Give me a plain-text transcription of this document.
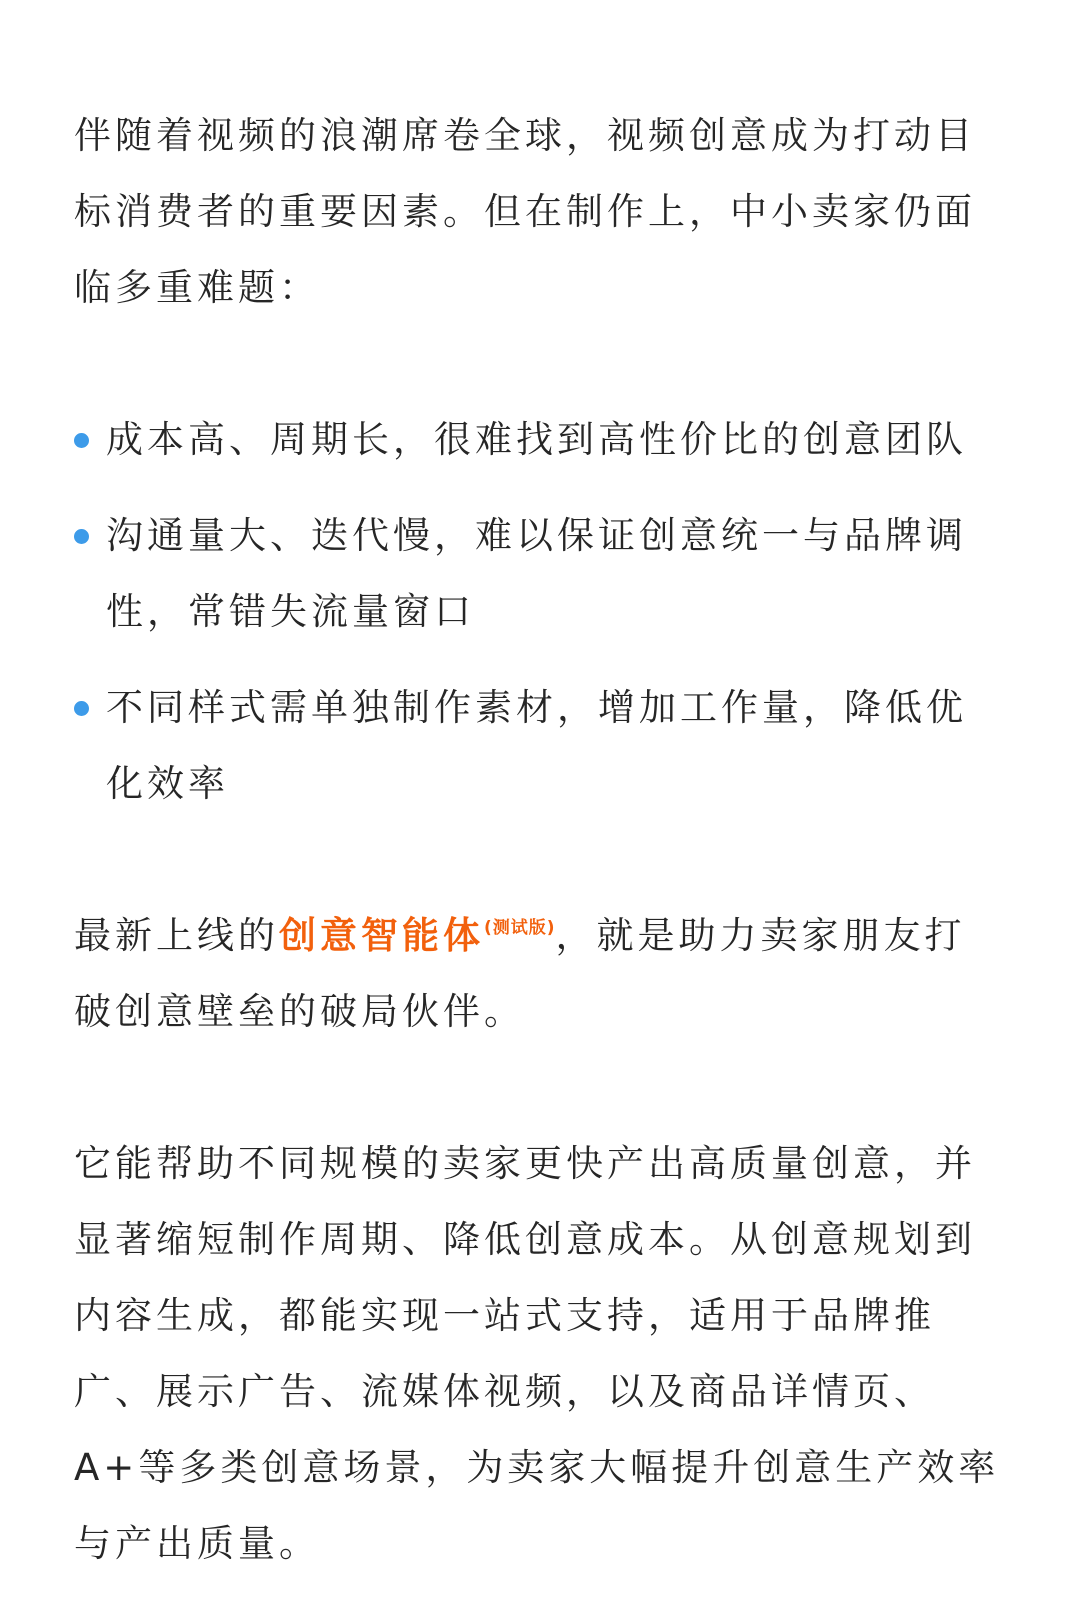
伴随着视频的浪潮席卷全球，视频创意成为打动目标消费者的重要因素。但在制作上，中小卖家仍面临多重难题：

成本高、周期长，很难找到高性价比的创意团队
沟通量大、迭代慢，难以保证创意统一与品牌调性，常错失流量窗口
不同样式需单独制作素材，增加工作量，降低优化效率

最新上线的创意智能体$^{(测试版)}$，就是助力卖家朋友打破创意壁垒的破局伙伴。

它能帮助不同规模的卖家更快产出高质量创意，并显著缩短制作周期、降低创意成本。从创意规划到内容生成，都能实现一站式支持，适用于品牌推广、展示广告、流媒体视频，以及商品详情页、A+等多类创意场景，为卖家大幅提升创意生产效率与产出质量。
